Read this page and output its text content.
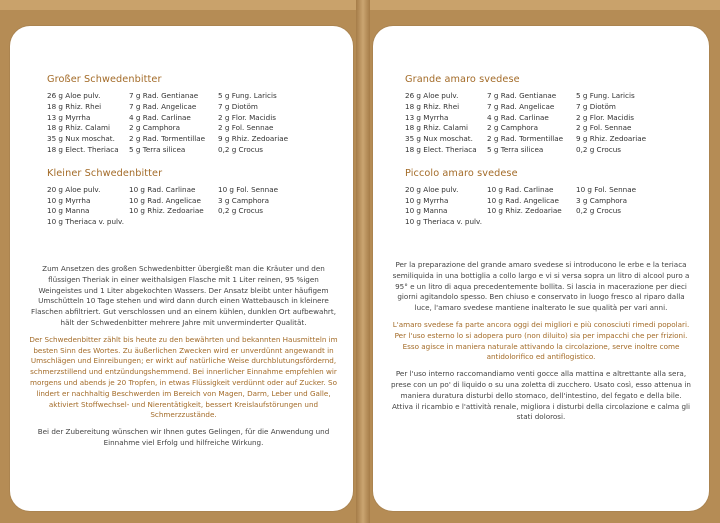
Großer Schwedenbitter
26 g Aloe pulv.	7 g Rad. Gentianae	5 g Fung. Laricis
18 g Rhiz. Rhei	7 g Rad. Angelicae	7 g Diotöm
13 g Myrrha	4 g Rad. Carlinae	2 g Flor. Macidis
18 g Rhiz. Calami	2 g Camphora	2 g Fol. Sennae
35 g Nux moschat.	2 g Rad. Tormentillae	9 g Rhiz. Zedoariae
18 g Elect. Theriaca	5 g Terra silicea	0,2 g Crocus
Kleiner Schwedenbitter
20 g Aloe pulv.	10 g Rad. Carlinae	10 g Fol. Sennae
10 g Myrrha	10 g Rad. Angelicae	3 g Camphora
10 g Manna	10 g Rhiz. Zedoariae	0,2 g Crocus
10 g Theriaca v. pulv.

Zum Ansetzen des großen Schwedenbitter übergießt man die Kräuter und den flüssigen Theriak in einer weithalsigen Flasche mit 1 Liter reinen, 95 %igen Weingeistes und 1 Liter abgekochten Wassers. Der Ansatz bleibt unter häufigem Umschütteln 10 Tage stehen und wird dann durch einen Wattebausch in kleinere Flaschen abfiltriert. Gut verschlossen und an einem kühlen, dunklen Ort aufbewahrt, hält der Schwedenbitter mehrere Jahre mit unverminderter Qualität.

Der Schwedenbitter zählt bis heute zu den bewährten und bekannten Hausmitteln im besten Sinn des Wortes. Zu äußerlichen Zwecken wird er unverdünnt angewandt in Umschlägen und Einreibungen; er wirkt auf natürliche Weise durchblutungsfördernd, schmerzstillend und entzündungshemmend. Bei innerlicher Einnahme empfehlen wir morgens und abends je 20 Tropfen, in etwas Flüssigkeit verdünnt oder auf Zucker. So lindert er nachhaltig Beschwerden im Bereich von Magen, Darm, Leber und Galle, aktiviert Stoffwechsel- und Nierentätigkeit, bessert Kreislaufstörungen und Schmerzzustände.

Bei der Zubereitung wünschen wir Ihnen gutes Gelingen, für die Anwendung und Einnahme viel Erfolg und hilfreiche Wirkung.

Grande amaro svedese
26 g Aloe pulv.	7 g Rad. Gentianae	5 g Fung. Laricis
18 g Rhiz. Rhei	7 g Rad. Angelicae	7 g Diotöm
13 g Myrrha	4 g Rad. Carlinae	2 g Flor. Macidis
18 g Rhiz. Calami	2 g Camphora	2 g Fol. Sennae
35 g Nux moschat.	2 g Rad. Tormentillae	9 g Rhiz. Zedoariae
18 g Elect. Theriaca	5 g Terra silicea	0,2 g Crocus
Piccolo amaro svedese
20 g Aloe pulv.	10 g Rad. Carlinae	10 g Fol. Sennae
10 g Myrrha	10 g Rad. Angelicae	3 g Camphora
10 g Manna	10 g Rhiz. Zedoariae	0,2 g Crocus
10 g Theriaca v. pulv.

Per la preparazione del grande amaro svedese si introducono le erbe e la teriaca semiliquida in una bottiglia a collo largo e vi si versa sopra un litro di alcool puro a 95° e un litro di aqua precedentemente bollita. Si lascia in macerazione per dieci giorni agitandolo spesso. Ben chiuso e conservato in luogo fresco al riparo dalla luce, l'amaro svedese mantiene inalterato le sue qualità per vari anni.

L'amaro svedese fa parte ancora oggi dei migliori e più conosciuti rimedi popolari. Per l'uso esterno lo si adopera puro (non diluito) sia per impacchi che per frizioni. Esso agisce in maniera naturale attivando la circolazione, serve inoltre come antidolorifico ed antiflogistico.

Per l'uso interno raccomandiamo venti gocce alla mattina e altrettante alla sera, prese con un po' di liquido o su una zoletta di zucchero. Usato così, esso attenua in maniera duratura disturbi dello stomaco, dell'intestino, del fegato e della bile. Attiva il ricambio e l'attività renale, migliora i disturbi della circolazione e calma gli stati dolorosi.
